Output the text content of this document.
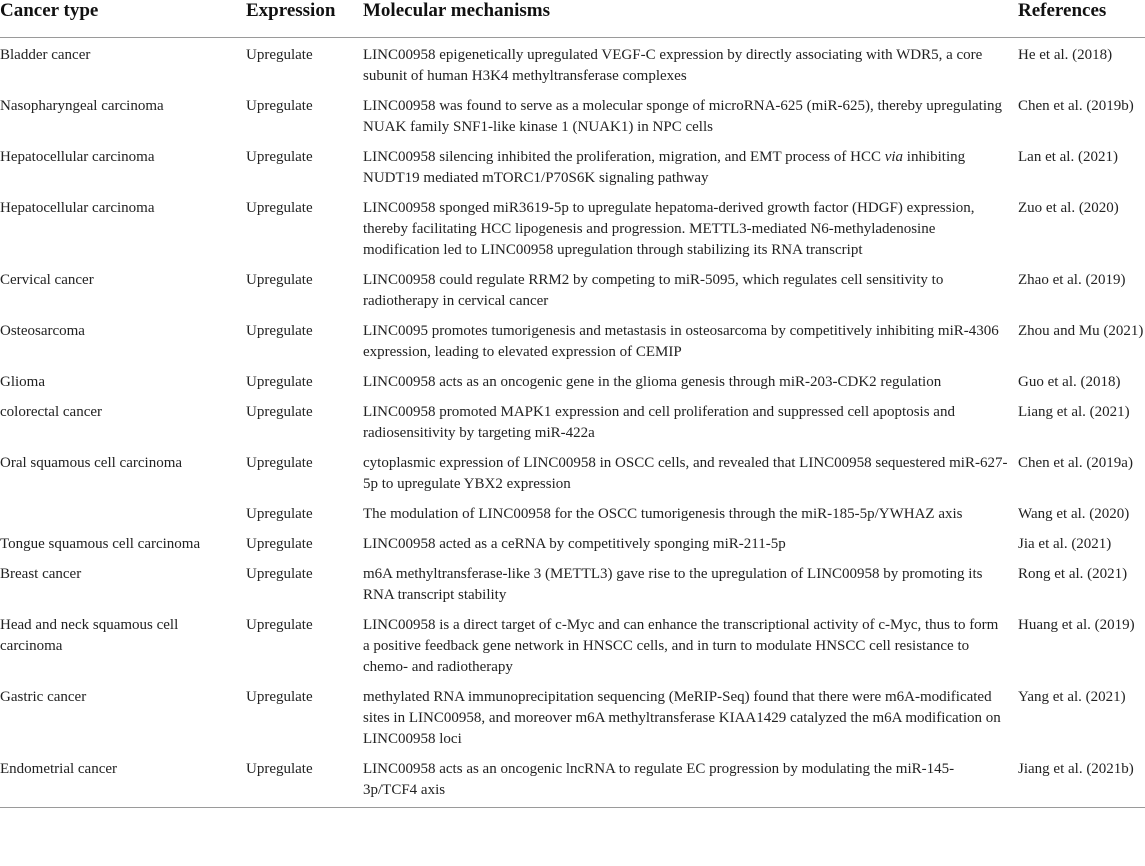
Cancer type	Expression	Molecular mechanisms	References
Bladder cancer	Upregulate	LINC00958 epigenetically upregulated VEGF-C expression by directly associating with WDR5, a core subunit of human H3K4 methyltransferase complexes	He et al. (2018)
Nasopharyngeal carcinoma	Upregulate	LINC00958 was found to serve as a molecular sponge of microRNA-625 (miR-625), thereby upregulating NUAK family SNF1-like kinase 1 (NUAK1) in NPC cells	Chen et al. (2019b)
Hepatocellular carcinoma	Upregulate	LINC00958 silencing inhibited the proliferation, migration, and EMT process of HCC via inhibiting NUDT19 mediated mTORC1/P70S6K signaling pathway	Lan et al. (2021)
Hepatocellular carcinoma	Upregulate	LINC00958 sponged miR3619-5p to upregulate hepatoma-derived growth factor (HDGF) expression, thereby facilitating HCC lipogenesis and progression. METTL3-mediated N6-methyladenosine modification led to LINC00958 upregulation through stabilizing its RNA transcript	Zuo et al. (2020)
Cervical cancer	Upregulate	LINC00958 could regulate RRM2 by competing to miR-5095, which regulates cell sensitivity to radiotherapy in cervical cancer	Zhao et al. (2019)
Osteosarcoma	Upregulate	LINC0095 promotes tumorigenesis and metastasis in osteosarcoma by competitively inhibiting miR-4306 expression, leading to elevated expression of CEMIP	Zhou and Mu (2021)
Glioma	Upregulate	LINC00958 acts as an oncogenic gene in the glioma genesis through miR-203-CDK2 regulation	Guo et al. (2018)
colorectal cancer	Upregulate	LINC00958 promoted MAPK1 expression and cell proliferation and suppressed cell apoptosis and radiosensitivity by targeting miR-422a	Liang et al. (2021)
Oral squamous cell carcinoma	Upregulate	cytoplasmic expression of LINC00958 in OSCC cells, and revealed that LINC00958 sequestered miR-627-5p to upregulate YBX2 expression	Chen et al. (2019a)
	Upregulate	The modulation of LINC00958 for the OSCC tumorigenesis through the miR-185-5p/YWHAZ axis	Wang et al. (2020)
Tongue squamous cell carcinoma	Upregulate	LINC00958 acted as a ceRNA by competitively sponging miR-211-5p	Jia et al. (2021)
Breast cancer	Upregulate	m6A methyltransferase-like 3 (METTL3) gave rise to the upregulation of LINC00958 by promoting its RNA transcript stability	Rong et al. (2021)
Head and neck squamous cell carcinoma	Upregulate	LINC00958 is a direct target of c-Myc and can enhance the transcriptional activity of c-Myc, thus to form a positive feedback gene network in HNSCC cells, and in turn to modulate HNSCC cell resistance to chemo- and radiotherapy	Huang et al. (2019)
Gastric cancer	Upregulate	methylated RNA immunoprecipitation sequencing (MeRIP-Seq) found that there were m6A-modificated sites in LINC00958, and moreover m6A methyltransferase KIAA1429 catalyzed the m6A modification on LINC00958 loci	Yang et al. (2021)
Endometrial cancer	Upregulate	LINC00958 acts as an oncogenic lncRNA to regulate EC progression by modulating the miR-145-3p/TCF4 axis	Jiang et al. (2021b)
